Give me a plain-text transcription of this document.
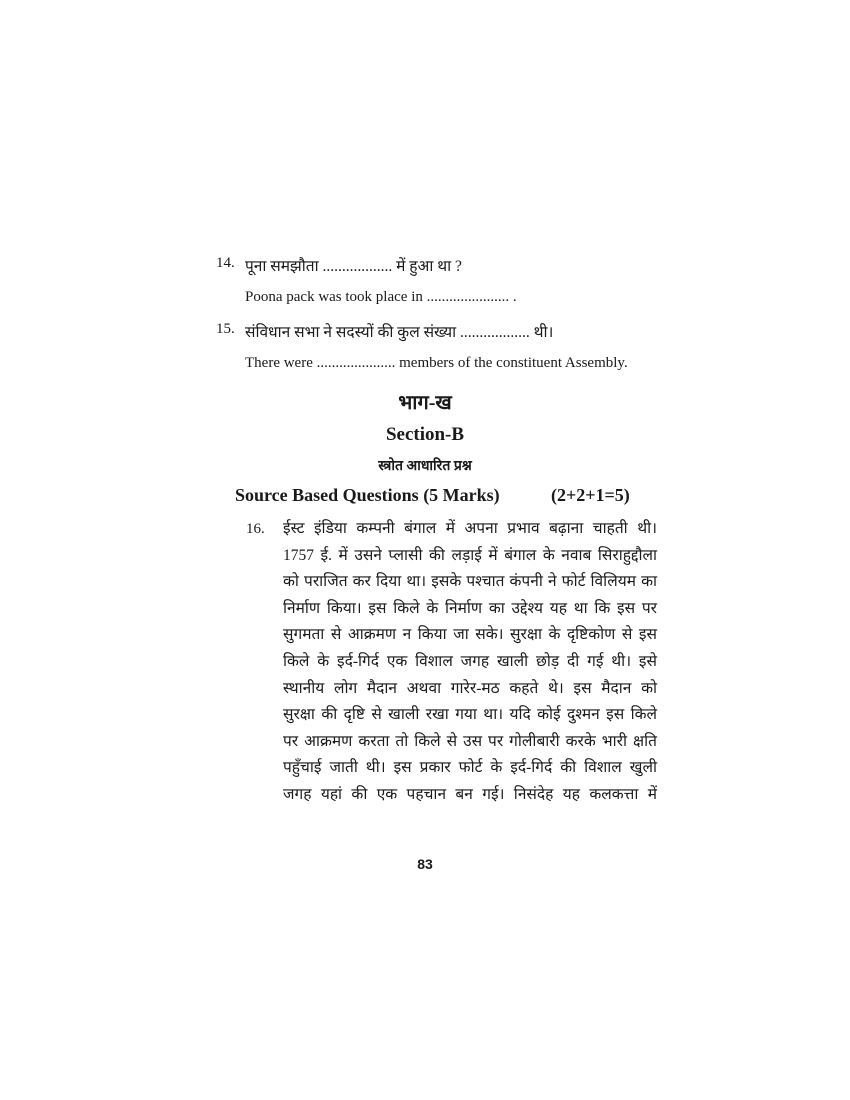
14. पूना समझौता .................. में हुआ था ?
Poona pack was took place in ...................... .
15. संविधान सभा ने सदस्यों की कुल संख्या .................. थी।
There were ..................... members of the constituent Assembly.
भाग-ख
Section-B
स्त्रोत आधारित प्रश्न
Source Based Questions (5 Marks)	(2+2+1=5)
16. ईस्ट इंडिया कम्पनी बंगाल में अपना प्रभाव बढ़ाना चाहती थी।
1757 ई. में उसने प्लासी की लड़ाई में बंगाल के नवाब सिराहुद्दौला
को पराजित कर दिया था। इसके पश्चात कंपनी ने फोर्ट विलियम का
निर्माण किया। इस किले के निर्माण का उद्देश्य यह था कि इस पर
सुगमता से आक्रमण न किया जा सके। सुरक्षा के दृष्टिकोण से इस
किले के इर्द-गिर्द एक विशाल जगह खाली छोड़ दी गई थी। इसे
स्थानीय लोग मैदान अथवा गारेर-मठ कहते थे। इस मैदान को
सुरक्षा की दृष्टि से खाली रखा गया था। यदि कोई दुश्मन इस किले
पर आक्रमण करता तो किले से उस पर गोलीबारी करके भारी क्षति
पहुँचाई जाती थी। इस प्रकार फोर्ट के इर्द-गिर्द की विशाल खुली
जगह यहां की एक पहचान बन गई। निसंदेह यह कलकत्ता में
83
